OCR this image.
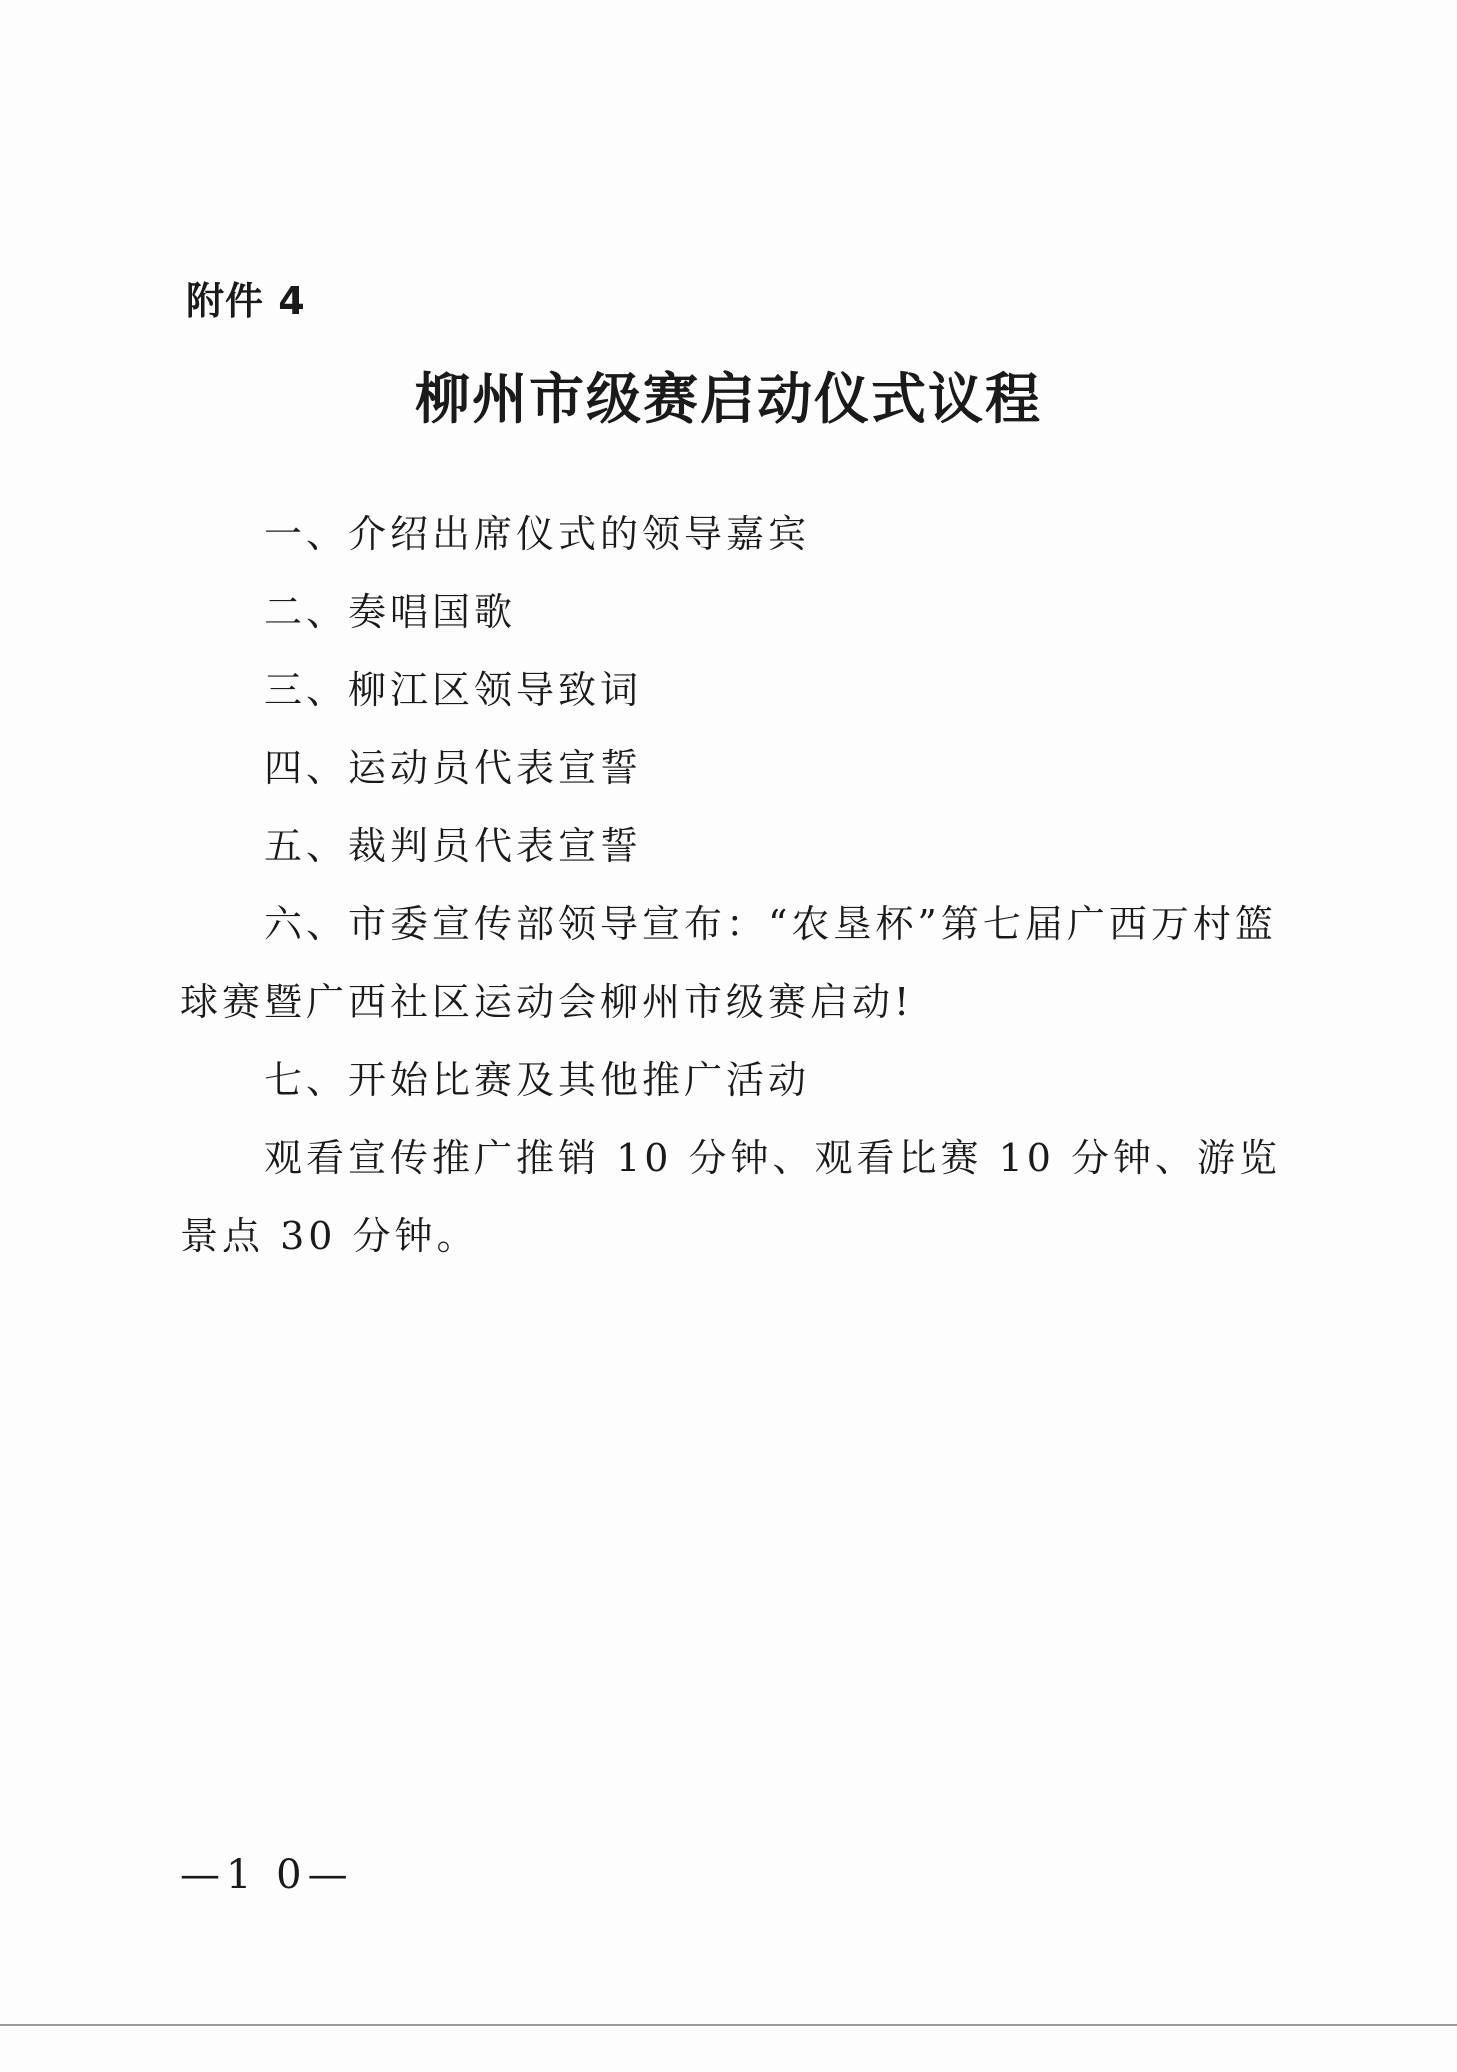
附件 4
柳州市级赛启动仪式议程

一、介绍出席仪式的领导嘉宾

二、奏唱国歌

三、柳江区领导致词

四、运动员代表宣誓

五、裁判员代表宣誓

六、市委宣传部领导宣布：“农垦杯”第七届广西万村篮球赛暨广西社区运动会柳州市级赛启动!

七、开始比赛及其他推广活动

观看宣传推广推销 10 分钟、观看比赛 10 分钟、游览景点 30 分钟。

—1 0—
